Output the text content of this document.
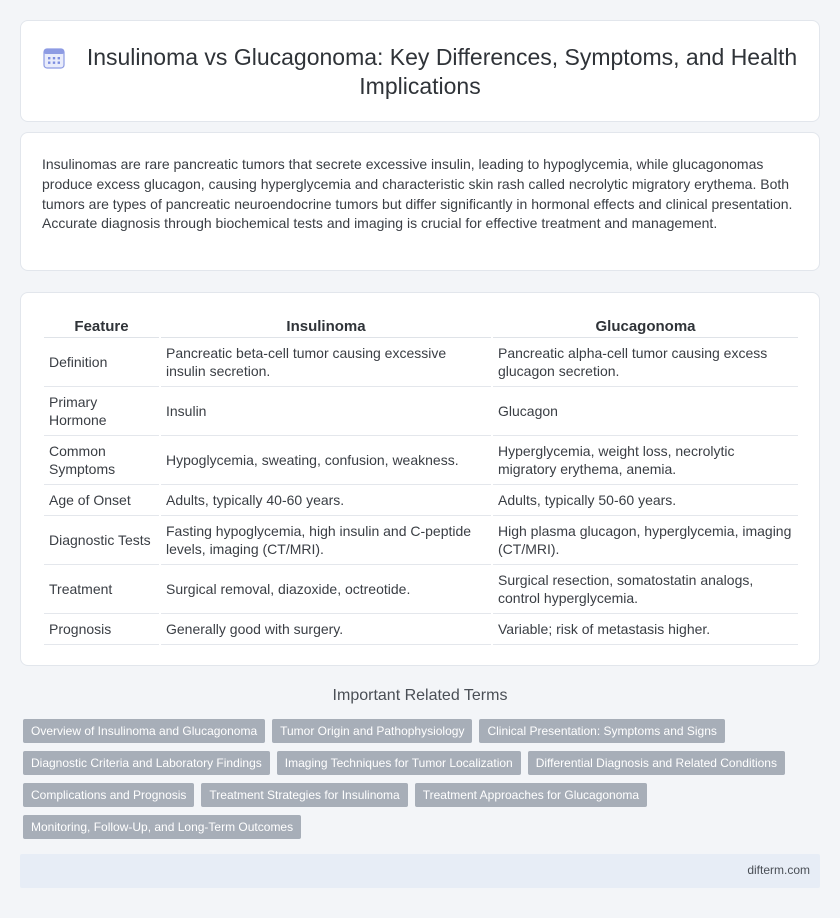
Insulinoma vs Glucagonoma: Key Differences, Symptoms, and Health Implications

Insulinomas are rare pancreatic tumors that secrete excessive insulin, leading to hypoglycemia, while glucagonomas produce excess glucagon, causing hyperglycemia and characteristic skin rash called necrolytic migratory erythema. Both tumors are types of pancreatic neuroendocrine tumors but differ significantly in hormonal effects and clinical presentation. Accurate diagnosis through biochemical tests and imaging is crucial for effective treatment and management.

Feature	Insulinoma	Glucagonoma
Definition	Pancreatic beta-cell tumor causing excessive insulin secretion.	Pancreatic alpha-cell tumor causing excess glucagon secretion.
Primary Hormone	Insulin	Glucagon
Common Symptoms	Hypoglycemia, sweating, confusion, weakness.	Hyperglycemia, weight loss, necrolytic migratory erythema, anemia.
Age of Onset	Adults, typically 40-60 years.	Adults, typically 50-60 years.
Diagnostic Tests	Fasting hypoglycemia, high insulin and C-peptide levels, imaging (CT/MRI).	High plasma glucagon, hyperglycemia, imaging (CT/MRI).
Treatment	Surgical removal, diazoxide, octreotide.	Surgical resection, somatostatin analogs, control hyperglycemia.
Prognosis	Generally good with surgery.	Variable; risk of metastasis higher.
Important Related Terms
Overview of Insulinoma and Glucagonoma	Tumor Origin and Pathophysiology	Clinical Presentation: Symptoms and Signs
Diagnostic Criteria and Laboratory Findings	Imaging Techniques for Tumor Localization	Differential Diagnosis and Related Conditions
Complications and Prognosis	Treatment Strategies for Insulinoma	Treatment Approaches for Glucagonoma
Monitoring, Follow-Up, and Long-Term Outcomes
difterm.com
